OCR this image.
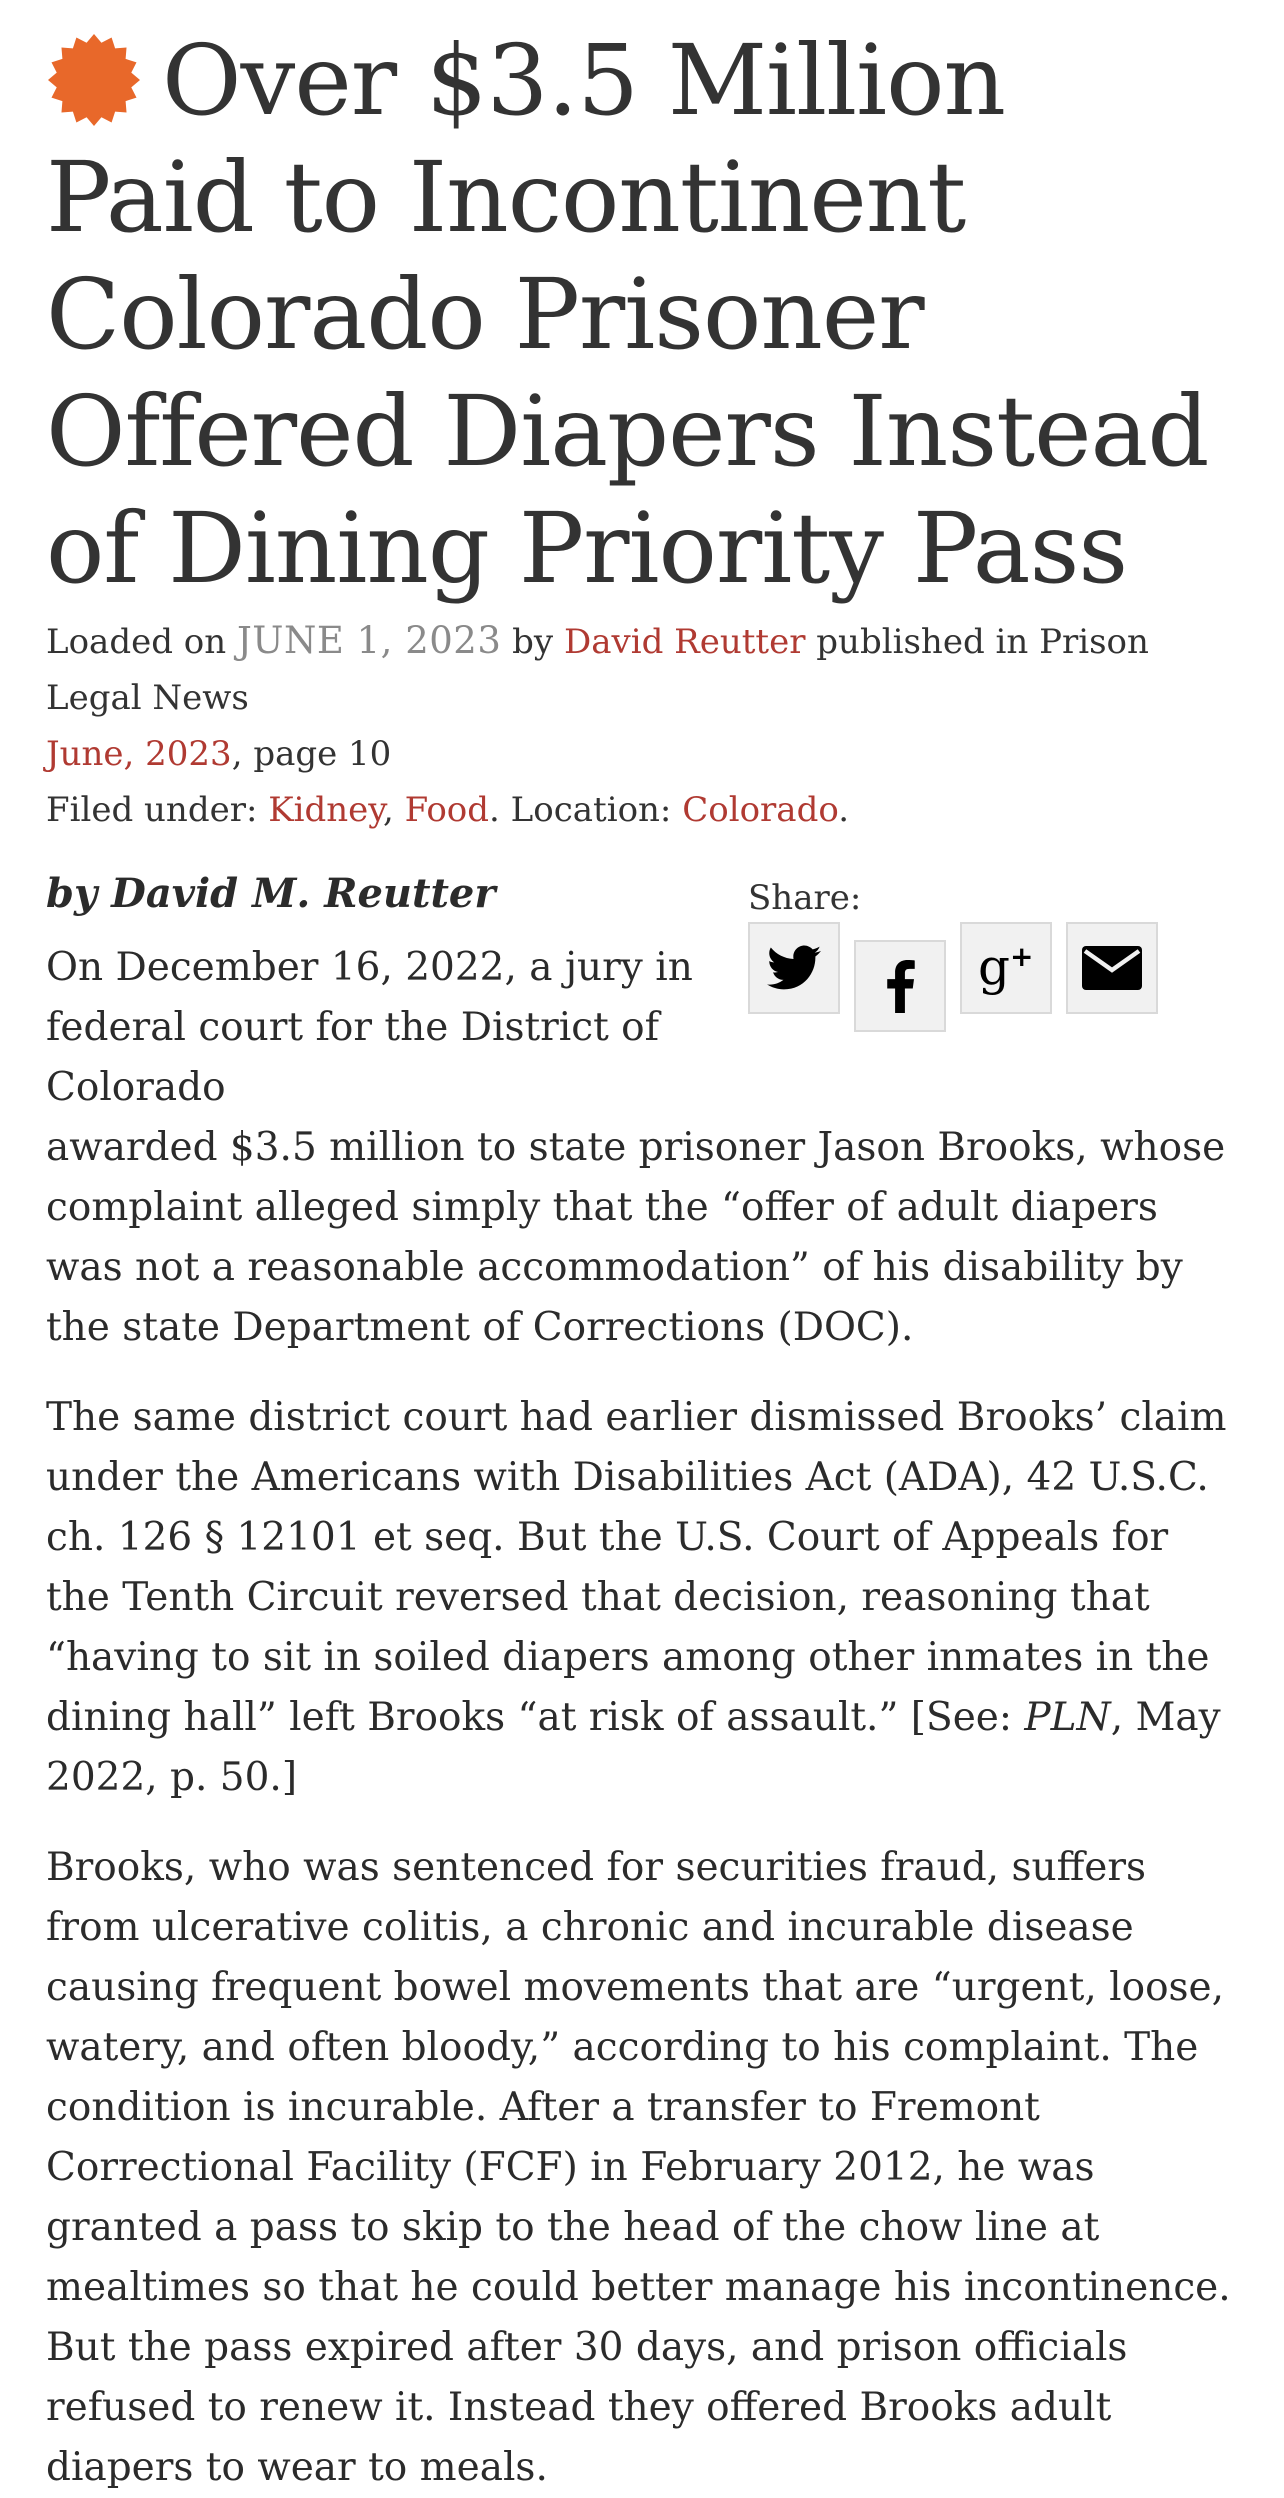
Over $3.5 Million Paid to Incontinent Colorado Prisoner Offered Diapers Instead of Dining Priority Pass
Loaded on JUNE 1, 2023 by David Reutter published in Prison Legal News
June, 2023, page 10
Filed under: Kidney, Food. Location: Colorado.

by David M. Reutter	Share:
g +

On December 16, 2022, a jury in federal court for the District of Colorado
awarded $3.5 million to state prisoner Jason Brooks, whose complaint alleged simply that the “offer of adult diapers was not a reasonable accommodation” of his disability by the state Department of Corrections (DOC).

The same district court had earlier dismissed Brooks’ claim under the Americans with Disabilities Act (ADA), 42 U.S.C. ch. 126 § 12101 et seq. But the U.S. Court of Appeals for the Tenth Circuit reversed that decision, reasoning that “having to sit in soiled diapers among other inmates in the dining hall” left Brooks “at risk of assault.” [See: PLN, May 2022, p. 50.]

Brooks, who was sentenced for securities fraud, suffers from ulcerative colitis, a chronic and incurable disease causing frequent bowel movements that are “urgent, loose, watery, and often bloody,” according to his complaint. The condition is incurable. After a transfer to Fremont Correctional Facility (FCF) in February 2012, he was granted a pass to skip to the head of the chow line at mealtimes so that he could better manage his incontinence. But the pass expired after 30 days, and prison officials refused to renew it. Instead they offered Brooks adult diapers to wear to meals.
